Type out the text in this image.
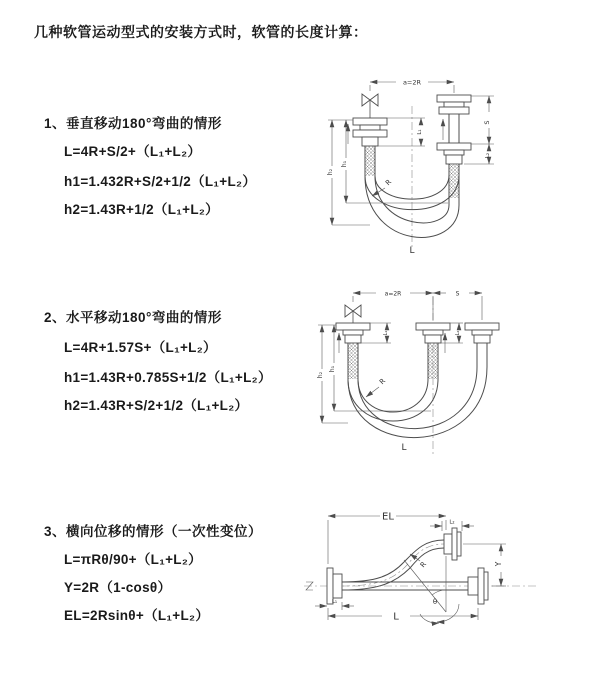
几种软管运动型式的安装方式时，软管的长度计算：
1、垂直移动180°弯曲的情形
L=4R+S/2+（L₁+L₂）
h1=1.432R+S/2+1/2（L₁+L₂）
h2=1.43R+1/2（L₁+L₂）
2、水平移动180°弯曲的情形
L=4R+1.57S+（L₁+L₂）
h1=1.43R+0.785S+1/2（L₁+L₂）
h2=1.43R+S/2+1/2（L₁+L₂）
3、横向位移的情形（一次性变位）
L=πRθ/90+（L₁+L₂）
Y=2R（1-cosθ）
EL=2Rsinθ+（L₁+L₂）
a=2R
S
L₂
L₁
h₂
h₁
R
L
a=2R	S
L₁	L₂
h₂
h₁
R
L
EL	L₂
Y
θ
R
L₁
L
